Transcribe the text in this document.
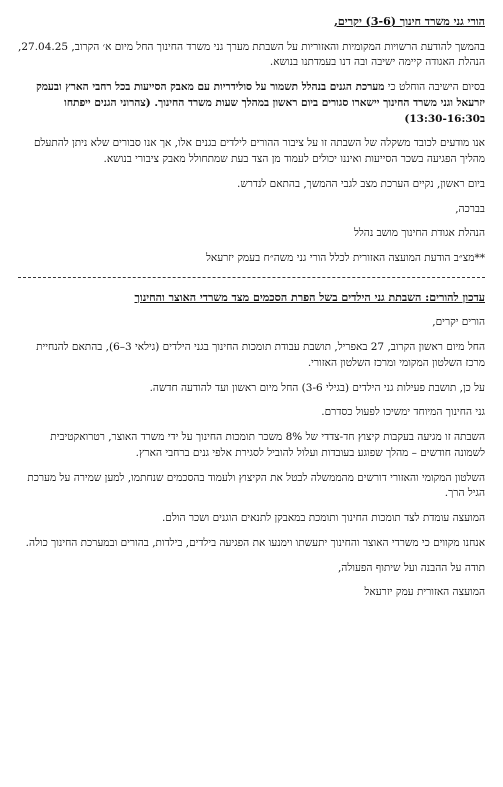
הורי גני משרד חינוך (3-6) יקרים,

בהמשך להודעת הרשויות המקומיות והאזוריות על השבתת מערך גני משרד החינוך החל מיום א׳ הקרוב, 27.04.25, הנהלת האגודה קיימה ישיבה ובה דנו בעמדתנו בנושא.

בסיום הישיבה הוחלט כי מערכת הגנים בנהלל תשמור על סולידריות עם מאבק הסייעות בכל רחבי הארץ ובעמק יזרעאל וגני משרד החינוך יישארו סגורים ביום ראשון במהלך שעות משרד החינוך. (צהרוני הגנים ייפתחו ב13:30-16:30)

אנו מודעים לכובד משקלה של השבתה זו על ציבור ההורים לילדים בגנים אלו, אך אנו סבורים שלא ניתן להתעלם מהליך הפגיעה בשכר הסייעות ואיננו יכולים לעמוד מן הצד בעת שמתחולל מאבק ציבורי בנושא.

ביום ראשון, נקיים הערכת מצב לגבי ההמשך, בהתאם לנדרש.

בברכה,

הנהלת אגודת החינוך מושב נהלל

**מצ״ב הודעת המועצה האזורית לכלל הורי גני משה״ח בעמק יזרעאל

עדכון להורים: השבתת גני הילדים בשל הפרת הסכמים מצד משרדי האוצר והחינוך

הורים יקרים,

החל מיום ראשון הקרוב, 27 באפריל, תושבת עבודת תומכות החינוך בגני הילדים (גילאי 3–6), בהתאם להנחיית מרכז השלטון המקומי ומרכז השלטון האזורי.

על כן, תושבת פעילות גני הילדים (בגילי 3-6) החל מיום ראשון ועד להודעה חדשה.

גני החינוך המיוחד ימשיכו לפעול כסדרם.

השבתה זו מגיעה בעקבות קיצוץ חד-צדדי של 8% משכר תומכות החינוך על ידי משרד האוצר, רטרואקטיבית לשמונה חודשים – מהלך שפוגע בעובדות ועלול להוביל לסגירת אלפי גנים ברחבי הארץ.

השלטון המקומי והאזורי דורשים מהממשלה לבטל את הקיצוץ ולעמוד בהסכמים שנחתמו, למען שמירה על מערכת הגיל הרך.

המועצה עומדת לצד תומכות החינוך ותומכת במאבקן לתנאים הוגנים ושכר הולם.

אנחנו מקווים כי משרדי האוצר והחינוך יתעשתו וימנעו את הפגיעה בילדים, בילדות, בהורים ובמערכת החינוך כולה.

תודה על ההבנה ועל שיתוף הפעולה,

המועצה האזורית עמק יזרעאל
